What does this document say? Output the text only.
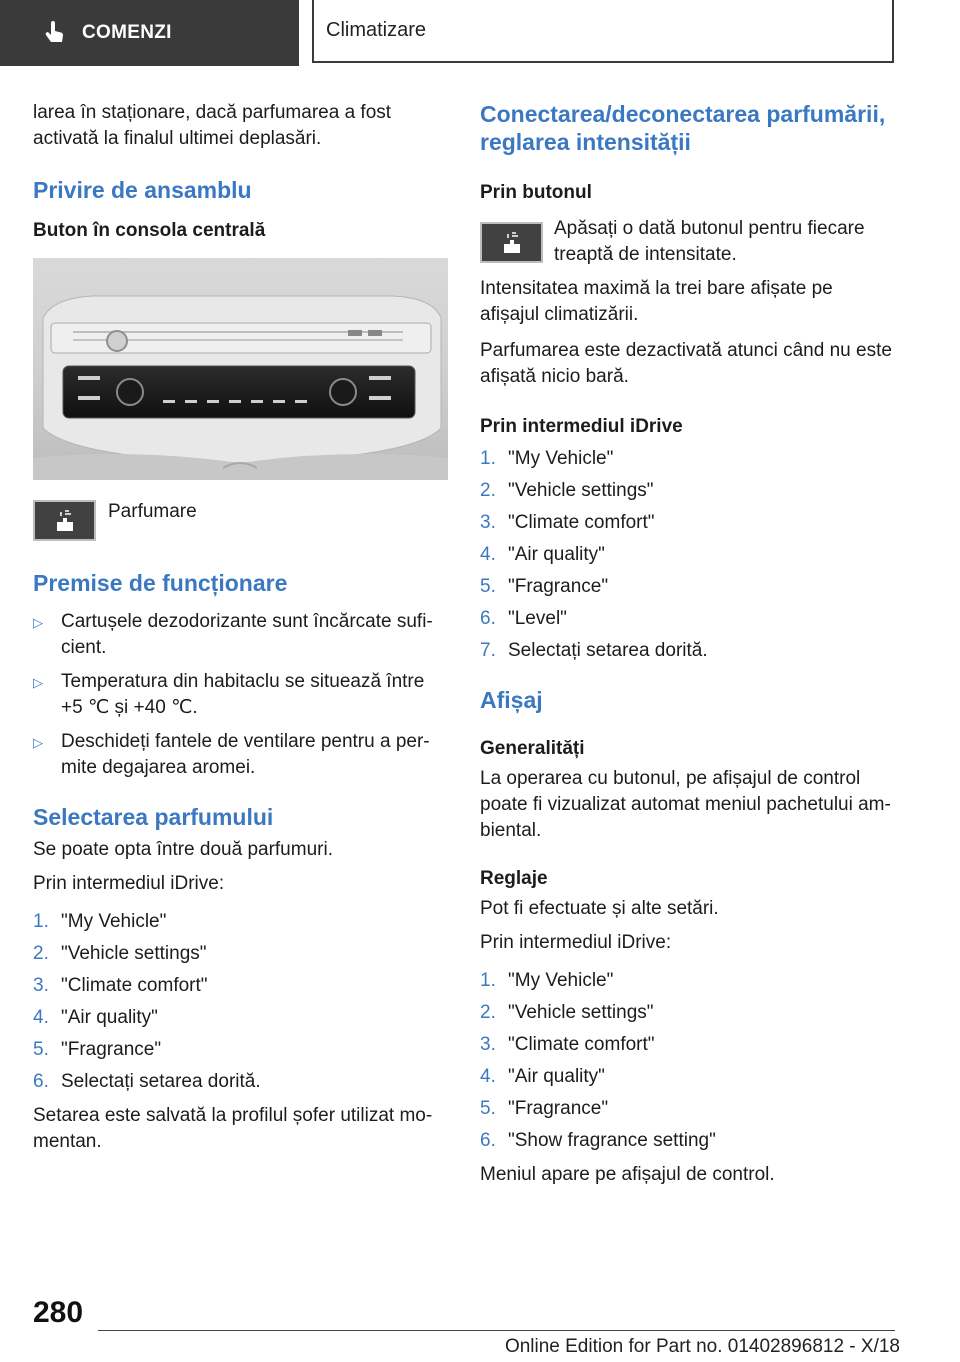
COMENZI	Climatizare

larea în staționare, dacă parfumarea a fost activată la finalul ultimei deplasări.

Privire de ansamblu
Buton în consola centrală
Parfumare
Premise de funcționare
▷ Cartușele dezodorizante sunt încărcate sufi-cient.
▷ Temperatura din habitaclu se situează între +5 ℃ și +40 ℃.
▷ Deschideți fantele de ventilare pentru a per-mite degajarea aromei.
Selectarea parfumului

Se poate opta între două parfumuri.

Prin intermediul iDrive:

1. "My Vehicle"
2. "Vehicle settings"
3. "Climate comfort"
4. "Air quality"
5. "Fragrance"
6. Selectați setarea dorită.

Setarea este salvată la profilul șofer utilizat mo-mentan.

Conectarea/deconectarea parfumării, reglarea intensității
Prin butonul

Apăsați o dată butonul pentru fiecare treaptă de intensitate.

Intensitatea maximă la trei bare afișate pe afișajul climatizării.

Parfumarea este dezactivată atunci când nu este afișată nicio bară.

Prin intermediul iDrive
1. "My Vehicle"
2. "Vehicle settings"
3. "Climate comfort"
4. "Air quality"
5. "Fragrance"
6. "Level"
7. Selectați setarea dorită.
Afișaj
Generalități

La operarea cu butonul, pe afișajul de control poate fi vizualizat automat meniul pachetului am-biental.

Reglaje

Pot fi efectuate și alte setări.

Prin intermediul iDrive:

1. "My Vehicle"
2. "Vehicle settings"
3. "Climate comfort"
4. "Air quality"
5. "Fragrance"
6. "Show fragrance setting"

Meniul apare pe afișajul de control.

280
Online Edition for Part no. 01402896812 - X/18
